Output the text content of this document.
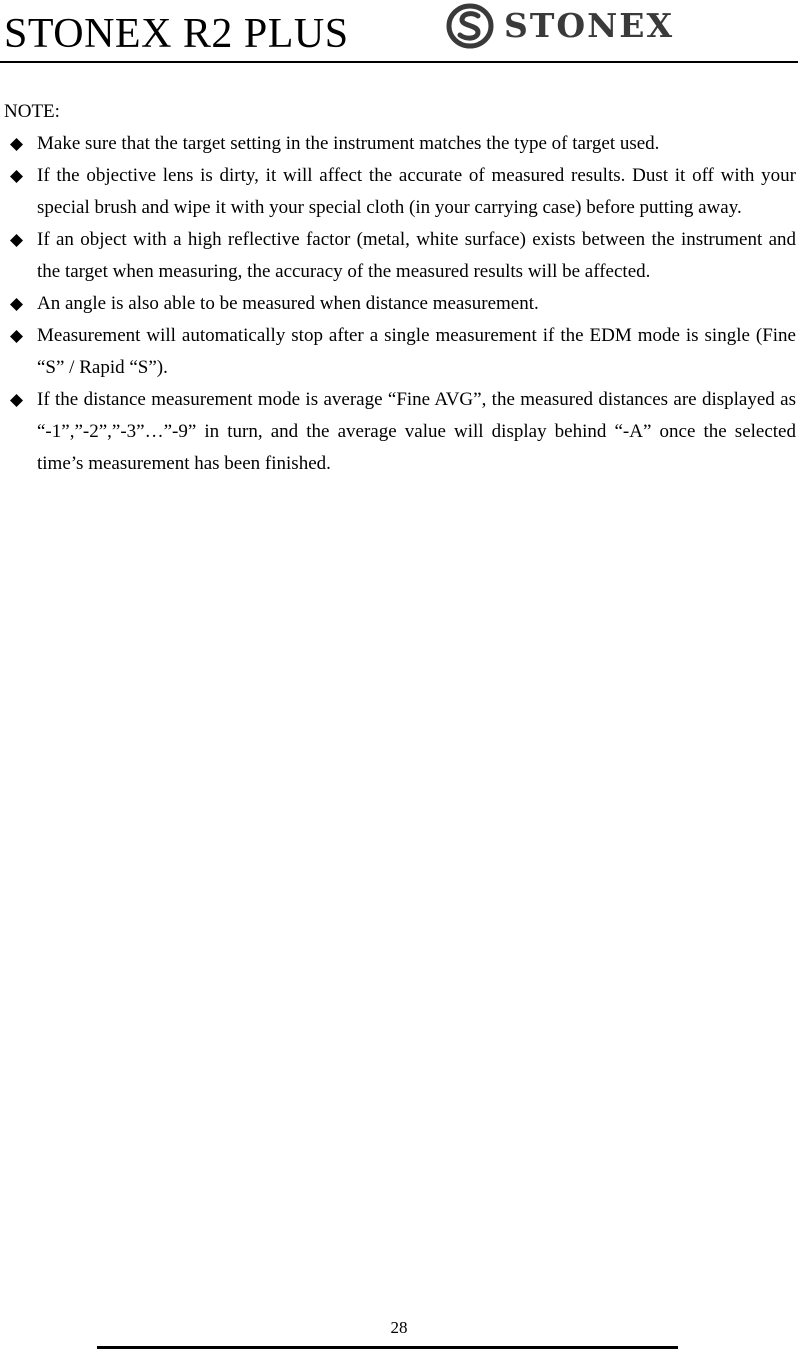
STONEX R2 PLUS	STONEX
NOTE:
Make sure that the target setting in the instrument matches the type of target used.
If the objective lens is dirty, it will affect the accurate of measured results. Dust it off with your special brush and wipe it with your special cloth (in your carrying case) before putting away.
If an object with a high reflective factor (metal, white surface) exists between the instrument and the target when measuring, the accuracy of the measured results will be affected.
An angle is also able to be measured when distance measurement.
Measurement will automatically stop after a single measurement if the EDM mode is single (Fine “S” / Rapid “S”).
If the distance measurement mode is average “Fine AVG”, the measured distances are displayed as “-1”,”-2”,”-3”…”-9” in turn, and the average value will display behind “-A” once the selected time’s measurement has been finished.
28
